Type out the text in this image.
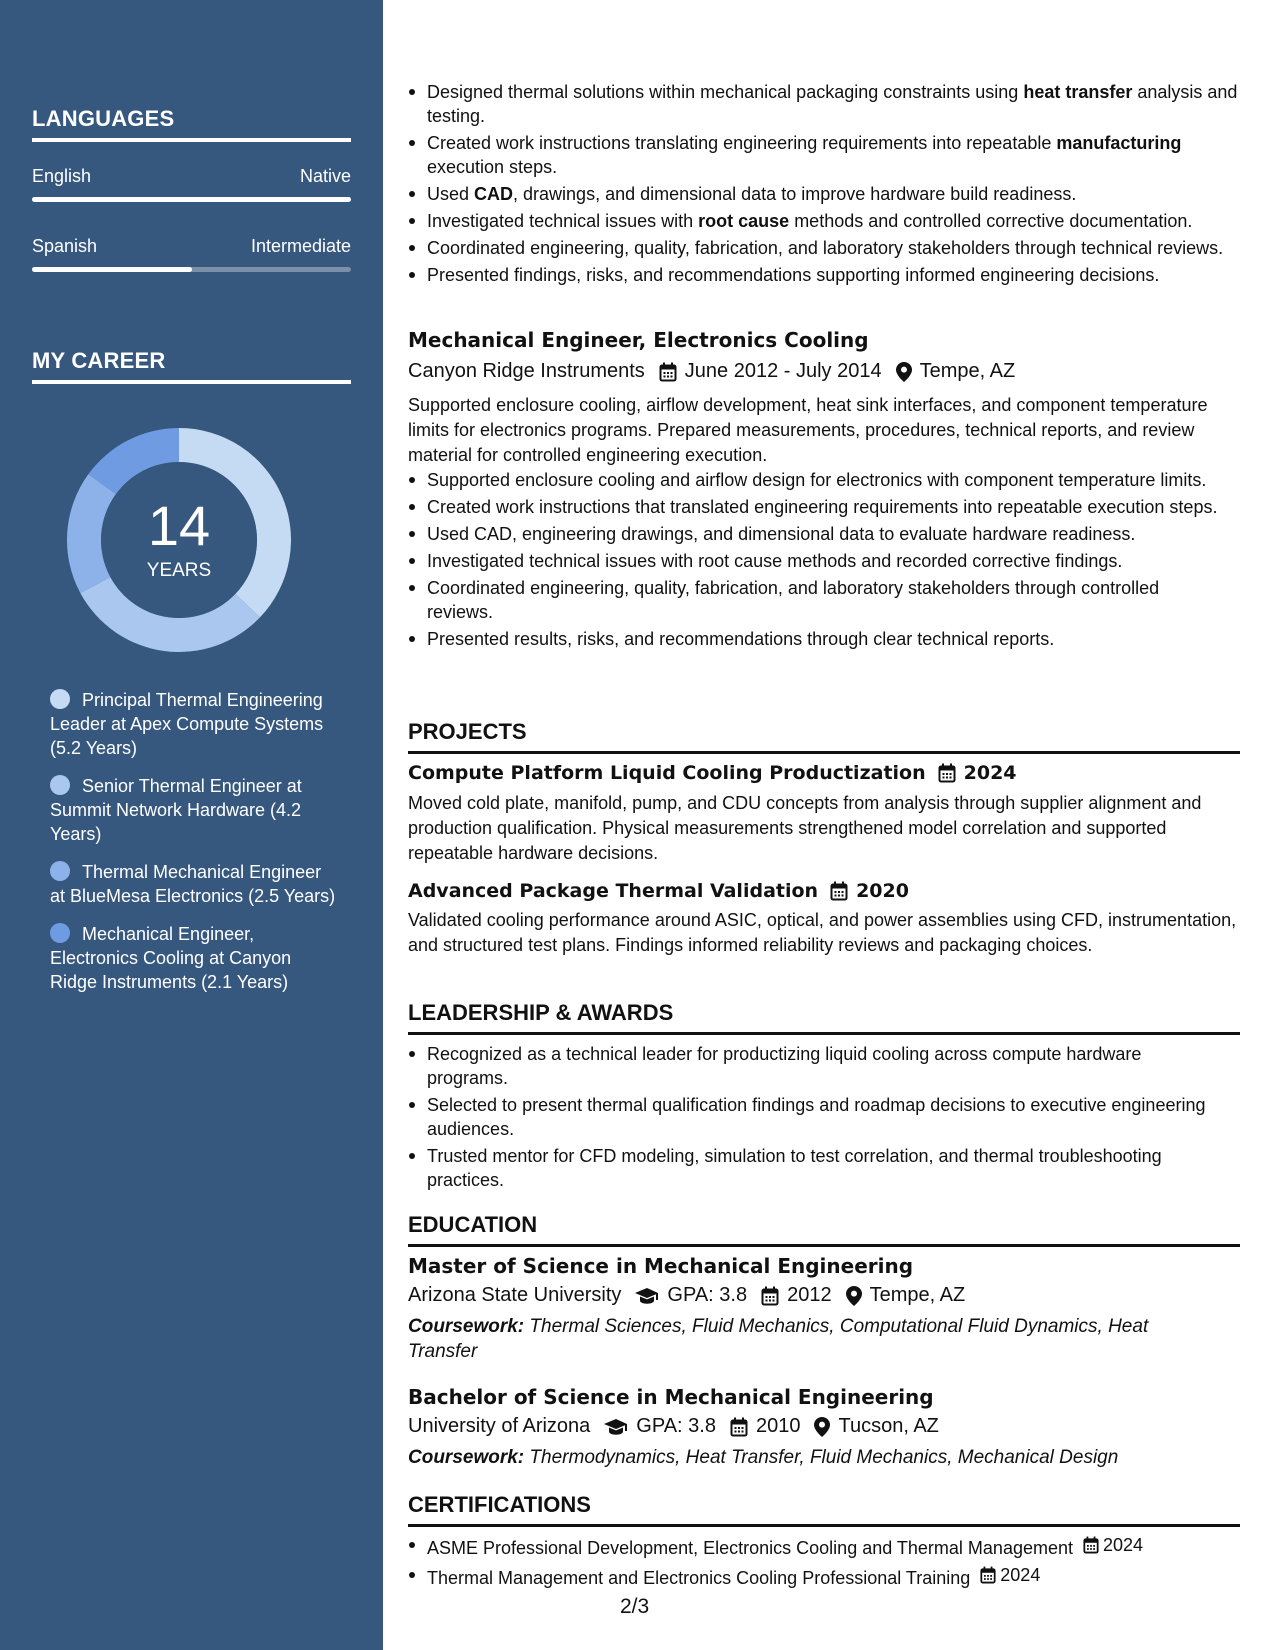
LANGUAGES
English	Native
Spanish	Intermediate
MY CAREER
14
YEARS
Principal Thermal Engineering Leader at Apex Compute Systems (5.2 Years)
Senior Thermal Engineer at Summit Network Hardware (4.2 Years)
Thermal Mechanical Engineer at BlueMesa Electronics (2.5 Years)
Mechanical Engineer, Electronics Cooling at Canyon Ridge Instruments (2.1 Years)
Designed thermal solutions within mechanical packaging constraints using heat transfer analysis and testing.
Created work instructions translating engineering requirements into repeatable manufacturing execution steps.
Used CAD, drawings, and dimensional data to improve hardware build readiness.
Investigated technical issues with root cause methods and controlled corrective documentation.
Coordinated engineering, quality, fabrication, and laboratory stakeholders through technical reviews.
Presented findings, risks, and recommendations supporting informed engineering decisions.
Mechanical Engineer, Electronics Cooling
Canyon Ridge Instruments June 2012 - July 2014 Tempe, AZ
Supported enclosure cooling, airflow development, heat sink interfaces, and component temperature limits for electronics programs. Prepared measurements, procedures, technical reports, and review material for controlled engineering execution.
Supported enclosure cooling and airflow design for electronics with component temperature limits.
Created work instructions that translated engineering requirements into repeatable execution steps.
Used CAD, engineering drawings, and dimensional data to evaluate hardware readiness.
Investigated technical issues with root cause methods and recorded corrective findings.
Coordinated engineering, quality, fabrication, and laboratory stakeholders through controlled reviews.
Presented results, risks, and recommendations through clear technical reports.
PROJECTS
Compute Platform Liquid Cooling Productization 2024
Moved cold plate, manifold, pump, and CDU concepts from analysis through supplier alignment and production qualification. Physical measurements strengthened model correlation and supported repeatable hardware decisions.
Advanced Package Thermal Validation 2020
Validated cooling performance around ASIC, optical, and power assemblies using CFD, instrumentation, and structured test plans. Findings informed reliability reviews and packaging choices.
LEADERSHIP & AWARDS
Recognized as a technical leader for productizing liquid cooling across compute hardware programs.
Selected to present thermal qualification findings and roadmap decisions to executive engineering audiences.
Trusted mentor for CFD modeling, simulation to test correlation, and thermal troubleshooting practices.
EDUCATION
Master of Science in Mechanical Engineering
Arizona State University GPA: 3.8 2012 Tempe, AZ
Coursework: Thermal Sciences, Fluid Mechanics, Computational Fluid Dynamics, Heat Transfer
Bachelor of Science in Mechanical Engineering
University of Arizona GPA: 3.8 2010 Tucson, AZ
Coursework: Thermodynamics, Heat Transfer, Fluid Mechanics, Mechanical Design
CERTIFICATIONS
ASME Professional Development, Electronics Cooling and Thermal Management 2024
Thermal Management and Electronics Cooling Professional Training 2024
2/3
